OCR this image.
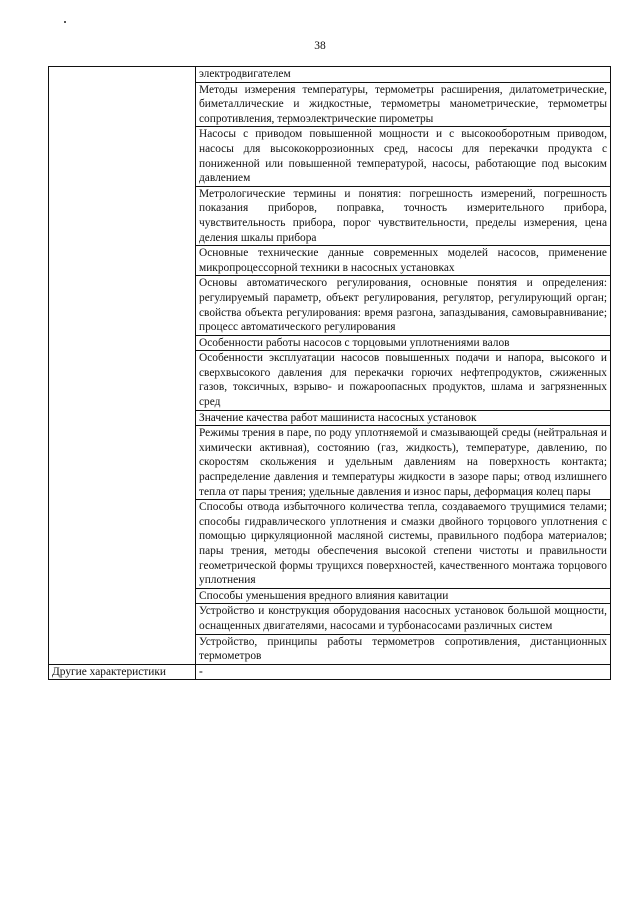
38
	электродвигателем
	Методы измерения температуры, термометры расширения, дилатометрические, биметаллические и жидкостные, термометры манометрические, термометры сопротивления, термоэлектрические пирометры
	Насосы с приводом повышенной мощности и с высокооборотным приводом, насосы для высококоррозионных сред, насосы для перекачки продукта с пониженной или повышенной температурой, насосы, работающие под высоким давлением
	Метрологические термины и понятия: погрешность измерений, погрешность показания приборов, поправка, точность измерительного прибора, чувствительность прибора, порог чувствительности, пределы измерения, цена деления шкалы прибора
	Основные технические данные современных моделей насосов, применение микропроцессорной техники в насосных установках
	Основы автоматического регулирования, основные понятия и определения: регулируемый параметр, объект регулирования, регулятор, регулирующий орган; свойства объекта регулирования: время разгона, запаздывания, самовыравнивание; процесс автоматического регулирования
	Особенности работы насосов с торцовыми уплотнениями валов
	Особенности эксплуатации насосов повышенных подачи и напора, высокого и сверхвысокого давления для перекачки горючих нефтепродуктов, сжиженных газов, токсичных, взрыво- и пожароопасных продуктов, шлама и загрязненных сред
	Значение качества работ машиниста насосных установок
	Режимы трения в паре, по роду уплотняемой и смазывающей среды (нейтральная и химически активная), состоянию (газ, жидкость), температуре, давлению, по скоростям скольжения и удельным давлениям на поверхность контакта; распределение давления и температуры жидкости в зазоре пары; отвод излишнего тепла от пары трения; удельные давления и износ пары, деформация колец пары
	Способы отвода избыточного количества тепла, создаваемого трущимися телами; способы гидравлического уплотнения и смазки двойного торцового уплотнения с помощью циркуляционной масляной системы, правильного подбора материалов; пары трения, методы обеспечения высокой степени чистоты и правильности геометрической формы трущихся поверхностей, качественного монтажа торцового уплотнения
	Способы уменьшения вредного влияния кавитации
	Устройство и конструкция оборудования насосных установок большой мощности, оснащенных двигателями, насосами и турбонасосами различных систем
	Устройство, принципы работы термометров сопротивления, дистанционных термометров
Другие характеристики	-
